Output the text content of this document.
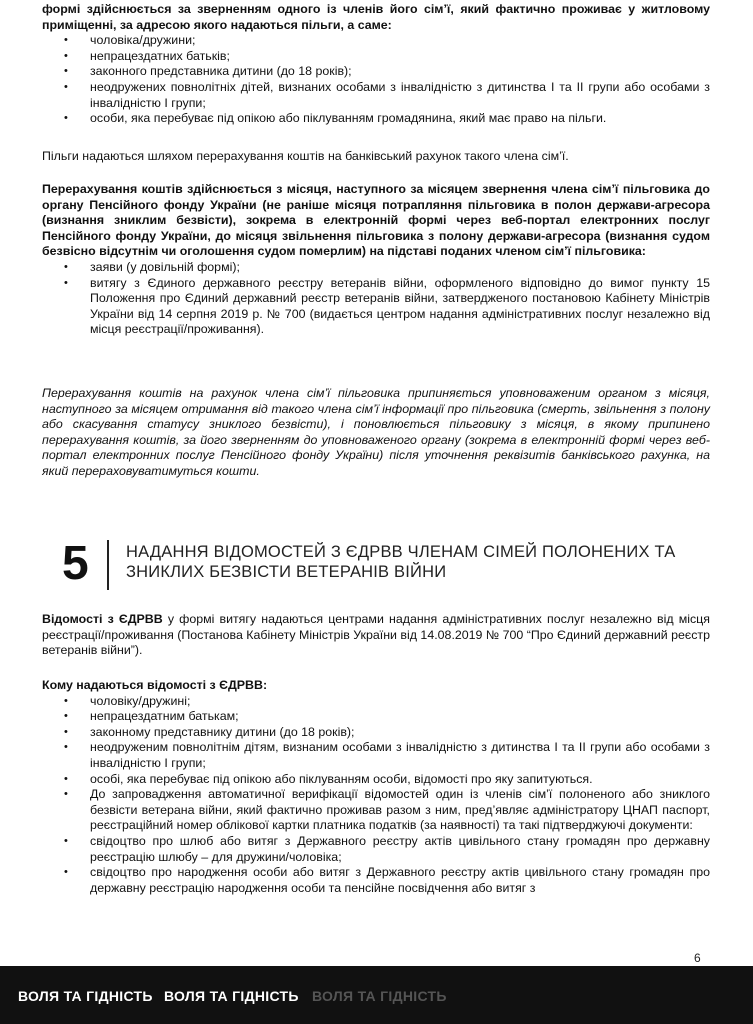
формі здійснюється за зверненням одного із членів його сім’ї, який фактично проживає у житловому приміщенні, за адресою якого надаються пільги, а саме:

• чоловіка/дружини;
• непрацездатних батьків;
• законного представника дитини (до 18 років);
• неодружених повнолітніх дітей, визнаних особами з інвалідністю з дитинства I та II групи або особами з інвалідністю I групи;
• особи, яка перебуває під опікою або піклуванням громадянина, який має право на пільги.

Пільги надаються шляхом перерахування коштів на банківський рахунок такого члена сім’ї.

Перерахування коштів здійснюється з місяця, наступного за місяцем звернення члена сім’ї пільговика до органу Пенсійного фонду України (не раніше місяця потрапляння пільговика в полон держави-агресора (визнання зниклим безвісти), зокрема в електронній формі через веб-портал електронних послуг Пенсійного фонду України, до місяця звільнення пільговика з полону держави-агресора (визнання судом безвісно відсутнім чи оголошення судом померлим) на підставі поданих членом сім’ї пільговика:

• заяви (у довільній формі);
• витягу з Єдиного державного реєстру ветеранів війни, оформленого відповідно до вимог пункту 15 Положення про Єдиний державний реєстр ветеранів війни, затвердженого постановою Кабінету Міністрів України від 14 серпня 2019 р. № 700 (видається центром надання адміністративних послуг незалежно від місця реєстрації/проживання).

Перерахування коштів на рахунок члена сім’ї пільговика припиняється уповноваженим органом з місяця, наступного за місяцем отримання від такого члена сім’ї інформації про пільговика (смерть, звільнення з полону або скасування статусу зниклого безвісти), і поновлюється пільговику з місяця, в якому припинено перерахування коштів, за його зверненням до уповноваженого органу (зокрема в електронній формі через веб-портал електронних послуг Пенсійного фонду України) після уточнення реквізитів банківського рахунка, на який перераховуватимуться кошти.

5 НАДАННЯ ВІДОМОСТЕЙ З ЄДРВВ ЧЛЕНАМ СІМЕЙ ПОЛОНЕНИХ ТА ЗНИКЛИХ БЕЗВІСТИ ВЕТЕРАНІВ ВІЙНИ

Відомості з ЄДРВВ у формі витягу надаються центрами надання адміністративних послуг незалежно від місця реєстрації/проживання (Постанова Кабінету Міністрів України від 14.08.2019 № 700 “Про Єдиний державний реєстр ветеранів війни”).

Кому надаються відомості з ЄДРВВ:

• чоловіку/дружині;
• непрацездатним батькам;
• законному представнику дитини (до 18 років);
• неодруженим повнолітнім дітям, визнаним особами з інвалідністю з дитинства I та II групи або особами з інвалідністю I групи;
• особі, яка перебуває під опікою або піклуванням особи, відомості про яку запитуються.
• До запровадження автоматичної верифікації відомостей один із членів сім’ї полоненого або зниклого безвісти ветерана війни, який фактично проживав разом з ним, пред’являє адміністратору ЦНАП паспорт, реєстраційний номер облікової картки платника податків (за наявності) та такі підтверджуючі документи:
• свідоцтво про шлюб або витяг з Державного реєстру актів цивільного стану громадян про державну реєстрацію шлюбу – для дружини/чоловіка;
• свідоцтво про народження особи або витяг з Державного реєстру актів цивільного стану громадян про державну реєстрацію народження особи та пенсійне посвідчення або витяг з
6
ВОЛЯ ТА ГІДНІСТЬ ВОЛЯ ТА ГІДНІСТЬ ВОЛЯ ТА ГІДНІСТЬ
